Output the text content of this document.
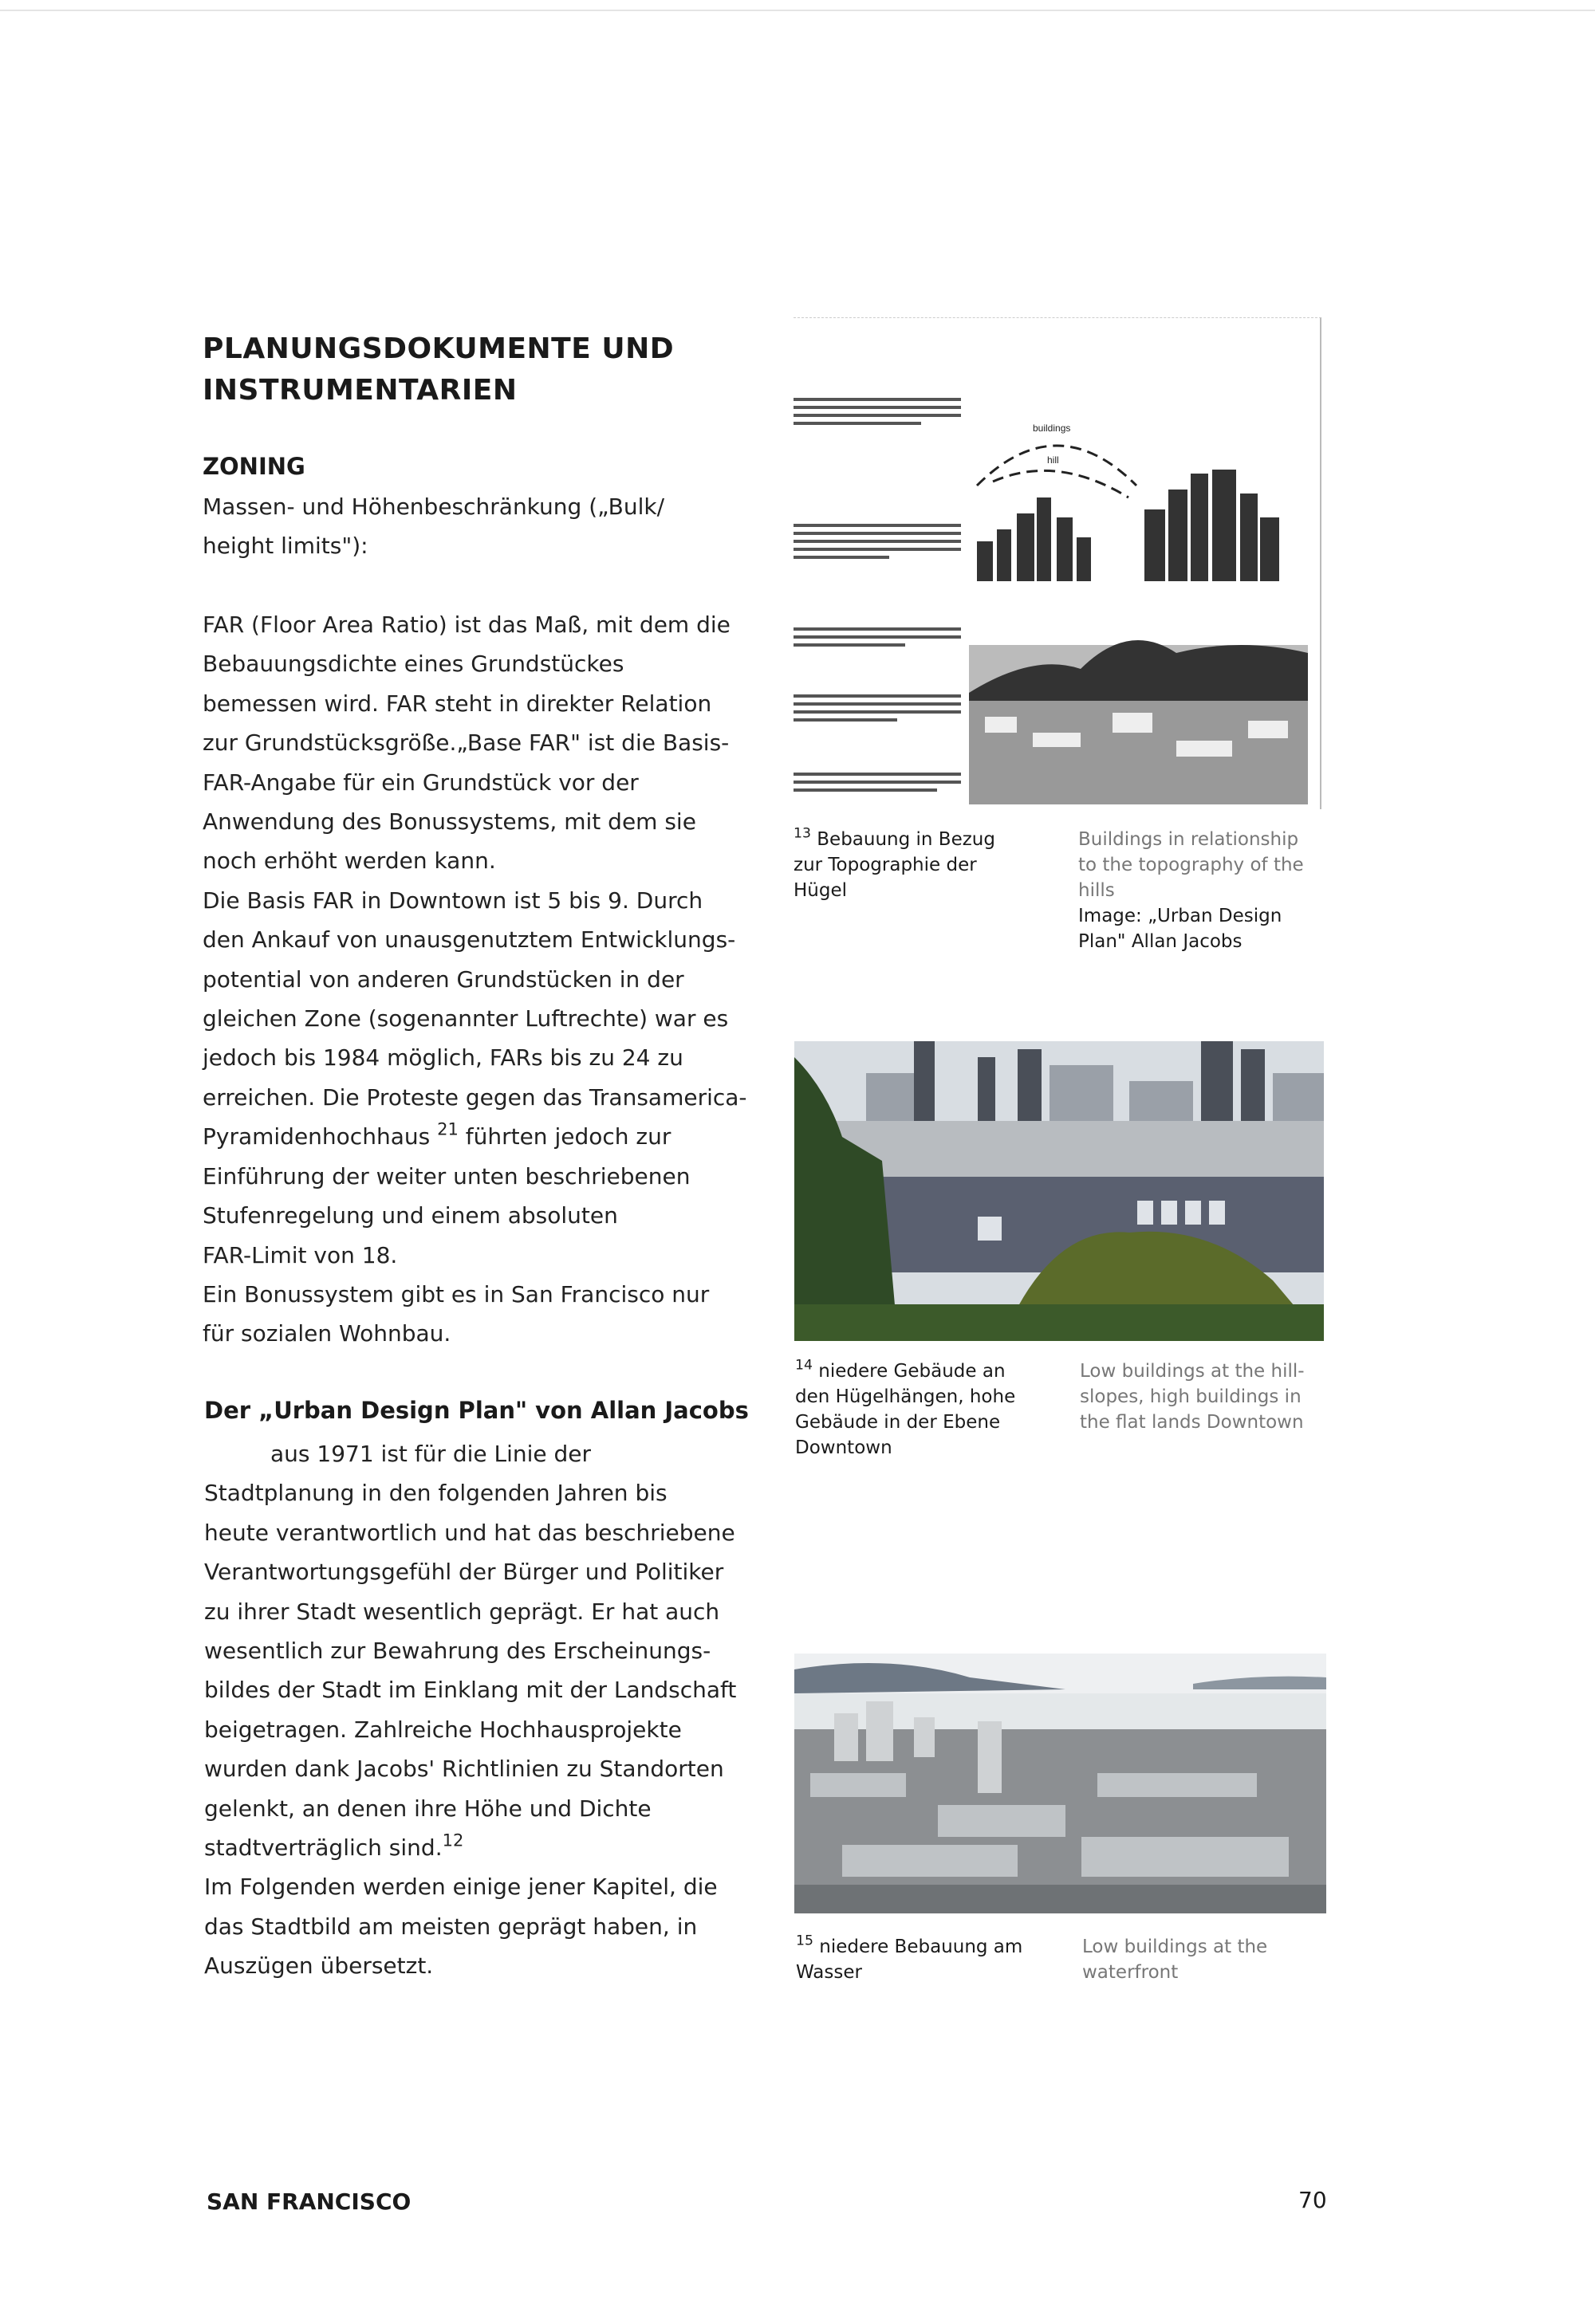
PLANUNGSDOKUMENTE UND
INSTRUMENTARIEN
ZONING
Massen- und Höhenbeschränkung („Bulk/
height limits"):
FAR (Floor Area Ratio) ist das Maß, mit dem die
Bebauungsdichte eines Grundstückes
bemessen wird. FAR steht in direkter Relation
zur Grundstücksgröße.„Base FAR" ist die Basis-
FAR-Angabe für ein Grundstück vor der
Anwendung des Bonussystems, mit dem sie
noch erhöht werden kann.
Die Basis FAR in Downtown ist 5 bis 9. Durch
den Ankauf von unausgenutztem Entwicklungs-
potential von anderen Grundstücken in der
gleichen Zone (sogenannter Luftrechte) war es
jedoch bis 1984 möglich, FARs bis zu 24 zu
erreichen. Die Proteste gegen das Transamerica-
Pyramidenhochhaus $^{21}$ führten jedoch zur
Einführung der weiter unten beschriebenen
Stufenregelung und einem absoluten
FAR-Limit von 18.
Ein Bonussystem gibt es in San Francisco nur
für sozialen Wohnbau.
Der „Urban Design Plan" von Allan Jacobs
aus 1971 ist für die Linie der
Stadtplanung in den folgenden Jahren bis
heute verantwortlich und hat das beschriebene
Verantwortungsgefühl der Bürger und Politiker
zu ihrer Stadt wesentlich geprägt. Er hat auch
wesentlich zur Bewahrung des Erscheinungs-
bildes der Stadt im Einklang mit der Landschaft
beigetragen. Zahlreiche Hochhausprojekte
wurden dank Jacobs' Richtlinien zu Standorten
gelenkt, an denen ihre Höhe und Dichte
stadtverträglich sind.$^{12}$
Im Folgenden werden einige jener Kapitel, die
das Stadtbild am meisten geprägt haben, in
Auszügen übersetzt.
buildings
hill
$^{13}$ Bebauung in Bezug
zur Topographie der
Hügel
Buildings in relationship
to the topography of the
hills
Image: „Urban Design
Plan" Allan Jacobs
$^{14}$ niedere Gebäude an
den Hügelhängen, hohe
Gebäude in der Ebene
Downtown
Low buildings at the hill-
slopes, high buildings in
the flat lands Downtown
$^{15}$ niedere Bebauung am
Wasser
Low buildings at the
waterfront
SAN FRANCISCO	70
